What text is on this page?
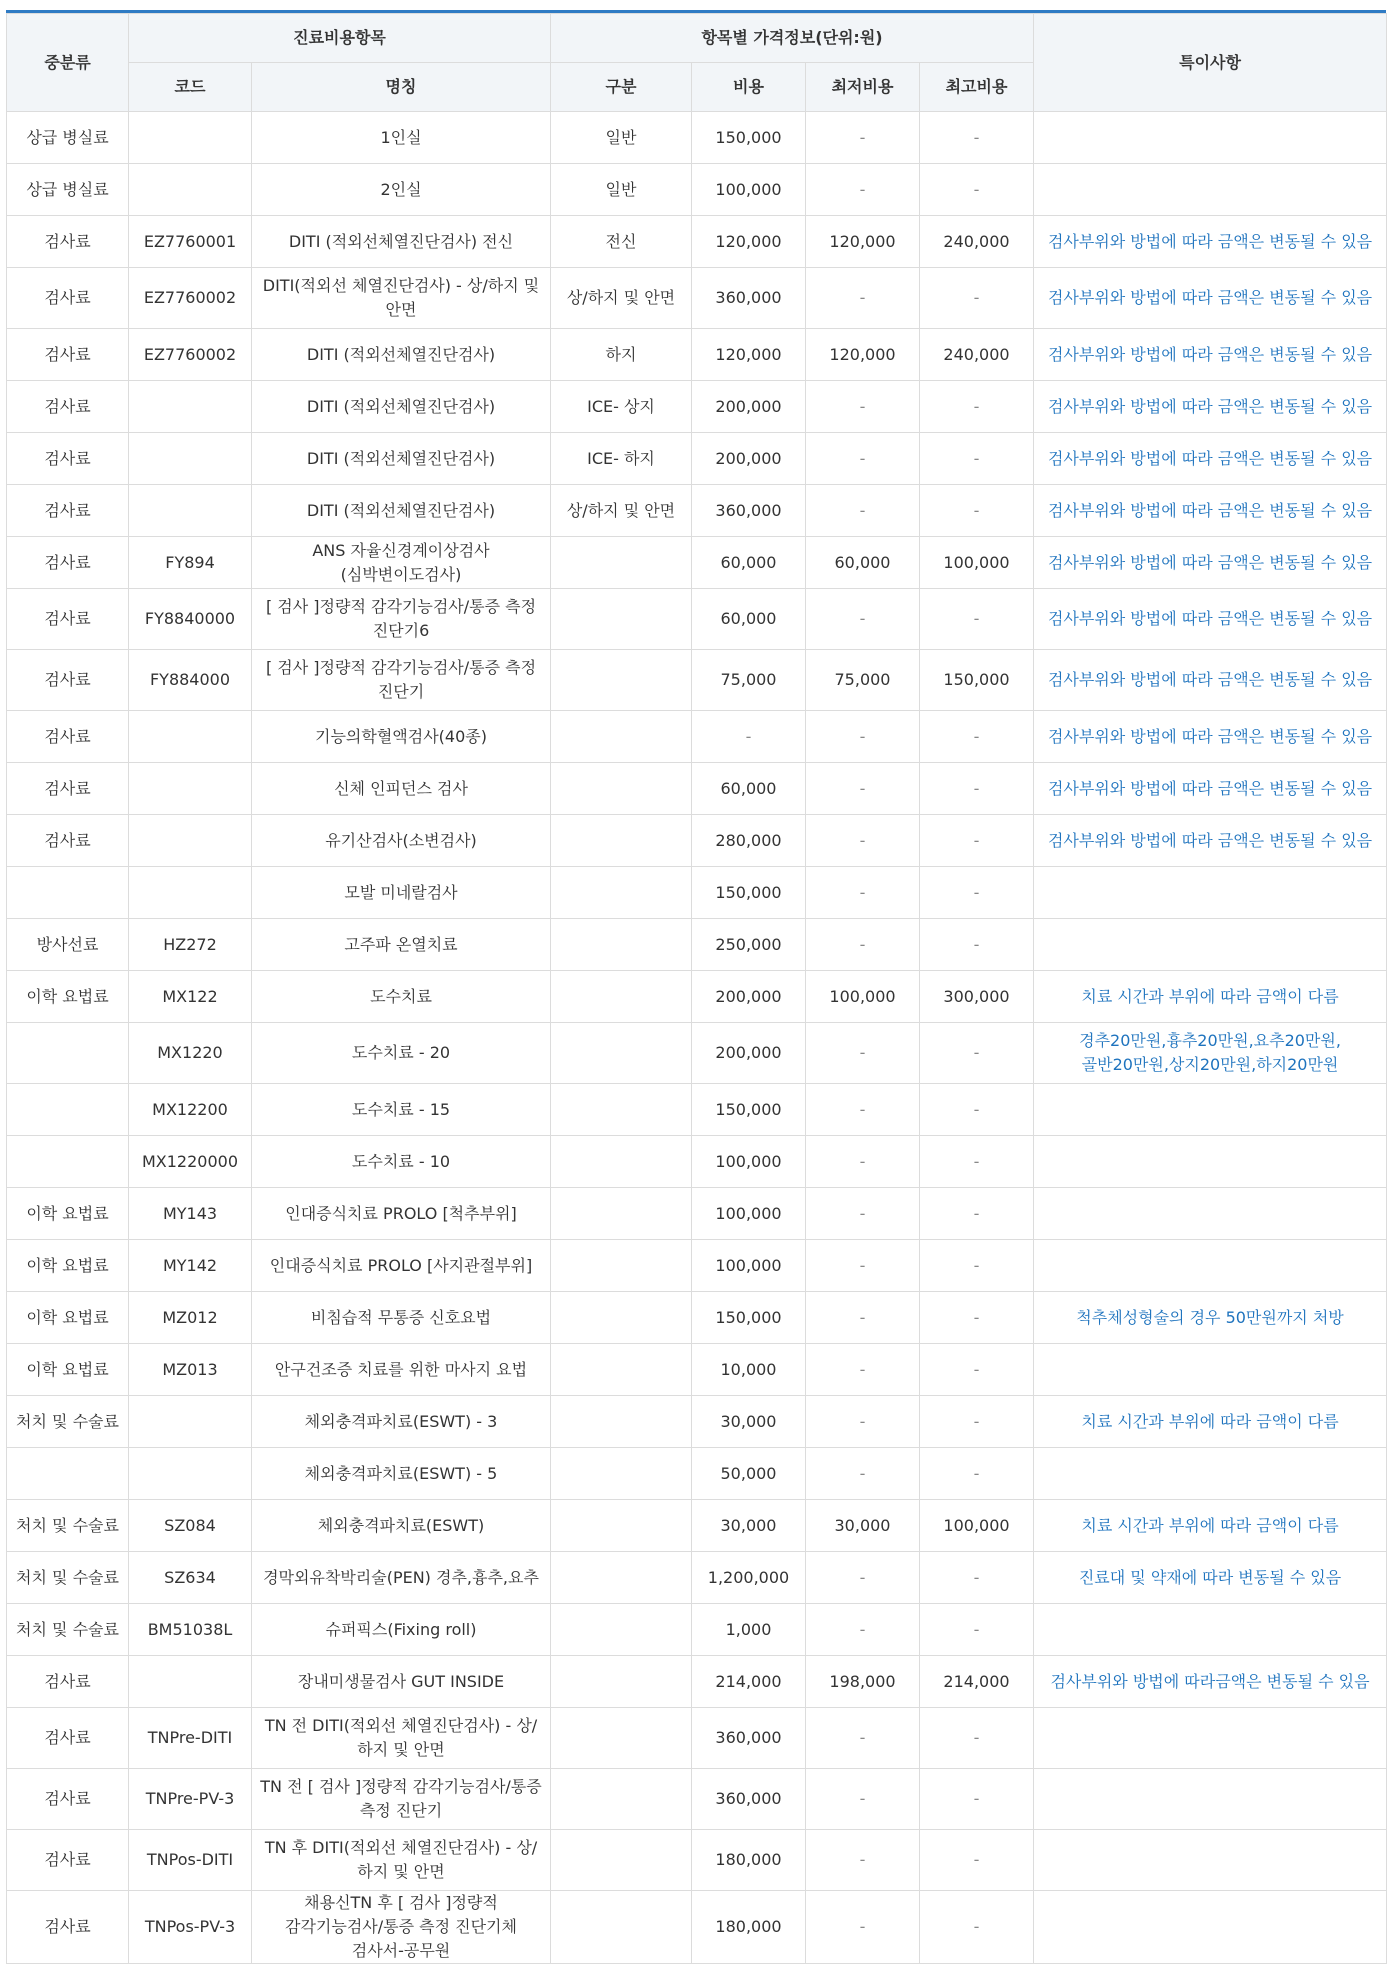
중분류	진료비용항목		항목별 가격정보(단위:원)				특이사항
	코드	명칭	구분	비용	최저비용	최고비용	
상급 병실료		1인실	일반	150,000	-	-	
상급 병실료		2인실	일반	100,000	-	-	
검사료	EZ7760001	DITI (적외선체열진단검사) 전신	전신	120,000	120,000	240,000	검사부위와 방법에 따라 금액은 변동될 수 있음
검사료	EZ7760002	DITI(적외선 체열진단검사) - 상/하지 및 안면	상/하지 및 안면	360,000	-	-	검사부위와 방법에 따라 금액은 변동될 수 있음
검사료	EZ7760002	DITI (적외선체열진단검사)	하지	120,000	120,000	240,000	검사부위와 방법에 따라 금액은 변동될 수 있음
검사료		DITI (적외선체열진단검사)	ICE- 상지	200,000	-	-	검사부위와 방법에 따라 금액은 변동될 수 있음
검사료		DITI (적외선체열진단검사)	ICE- 하지	200,000	-	-	검사부위와 방법에 따라 금액은 변동될 수 있음
검사료		DITI (적외선체열진단검사)	상/하지 및 안면	360,000	-	-	검사부위와 방법에 따라 금액은 변동될 수 있음
검사료	FY894	ANS 자율신경계이상검사(심박변이도검사)		60,000	60,000	100,000	검사부위와 방법에 따라 금액은 변동될 수 있음
검사료	FY8840000	[ 검사 ]정량적 감각기능검사/통증 측정 진단기6		60,000	-	-	검사부위와 방법에 따라 금액은 변동될 수 있음
검사료	FY884000	[ 검사 ]정량적 감각기능검사/통증 측정 진단기		75,000	75,000	150,000	검사부위와 방법에 따라 금액은 변동될 수 있음
검사료		기능의학혈액검사(40종)		-	-	-	검사부위와 방법에 따라 금액은 변동될 수 있음
검사료		신체 인피던스 검사		60,000	-	-	검사부위와 방법에 따라 금액은 변동될 수 있음
검사료		유기산검사(소변검사)		280,000	-	-	검사부위와 방법에 따라 금액은 변동될 수 있음
		모발 미네랄검사		150,000	-	-	
방사선료	HZ272	고주파 온열치료		250,000	-	-	
이학 요법료	MX122	도수치료		200,000	100,000	300,000	치료 시간과 부위에 따라 금액이 다름
	MX1220	도수치료 - 20		200,000	-	-	경추20만원,흉추20만원,요추20만원,골반20만원,상지20만원,하지20만원
	MX12200	도수치료 - 15		150,000	-	-	
	MX1220000	도수치료 - 10		100,000	-	-	
이학 요법료	MY143	인대증식치료 PROLO [척추부위]		100,000	-	-	
이학 요법료	MY142	인대증식치료 PROLO [사지관절부위]		100,000	-	-	
이학 요법료	MZ012	비침습적 무통증 신호요법		150,000	-	-	척추체성형술의 경우 50만원까지 처방
이학 요법료	MZ013	안구건조증 치료를 위한 마사지 요법		10,000	-	-	
처치 및 수술료		체외충격파치료(ESWT) - 3		30,000	-	-	치료 시간과 부위에 따라 금액이 다름
		체외충격파치료(ESWT) - 5		50,000	-	-	
처치 및 수술료	SZ084	체외충격파치료(ESWT)		30,000	30,000	100,000	치료 시간과 부위에 따라 금액이 다름
처치 및 수술료	SZ634	경막외유착박리술(PEN) 경추,흉추,요추		1,200,000	-	-	진료대 및 약재에 따라 변동될 수 있음
처치 및 수술료	BM51038L	슈퍼픽스(Fixing roll)		1,000	-	-	
검사료		장내미생물검사 GUT INSIDE		214,000	198,000	214,000	검사부위와 방법에 따라금액은 변동될 수 있음
검사료	TNPre-DITI	TN 전 DITI(적외선 체열진단검사) - 상/하지 및 안면		360,000	-	-	
검사료	TNPre-PV-3	TN 전 [ 검사 ]정량적 감각기능검사/통증 측정 진단기		360,000	-	-	
검사료	TNPos-DITI	TN 후 DITI(적외선 체열진단검사) - 상/하지 및 안면		180,000	-	-	
검사료	TNPos-PV-3	채용신TN 후 [ 검사 ]정량적 감각기능검사/통증 측정 진단기체 검사서-공무원		180,000	-	-	
